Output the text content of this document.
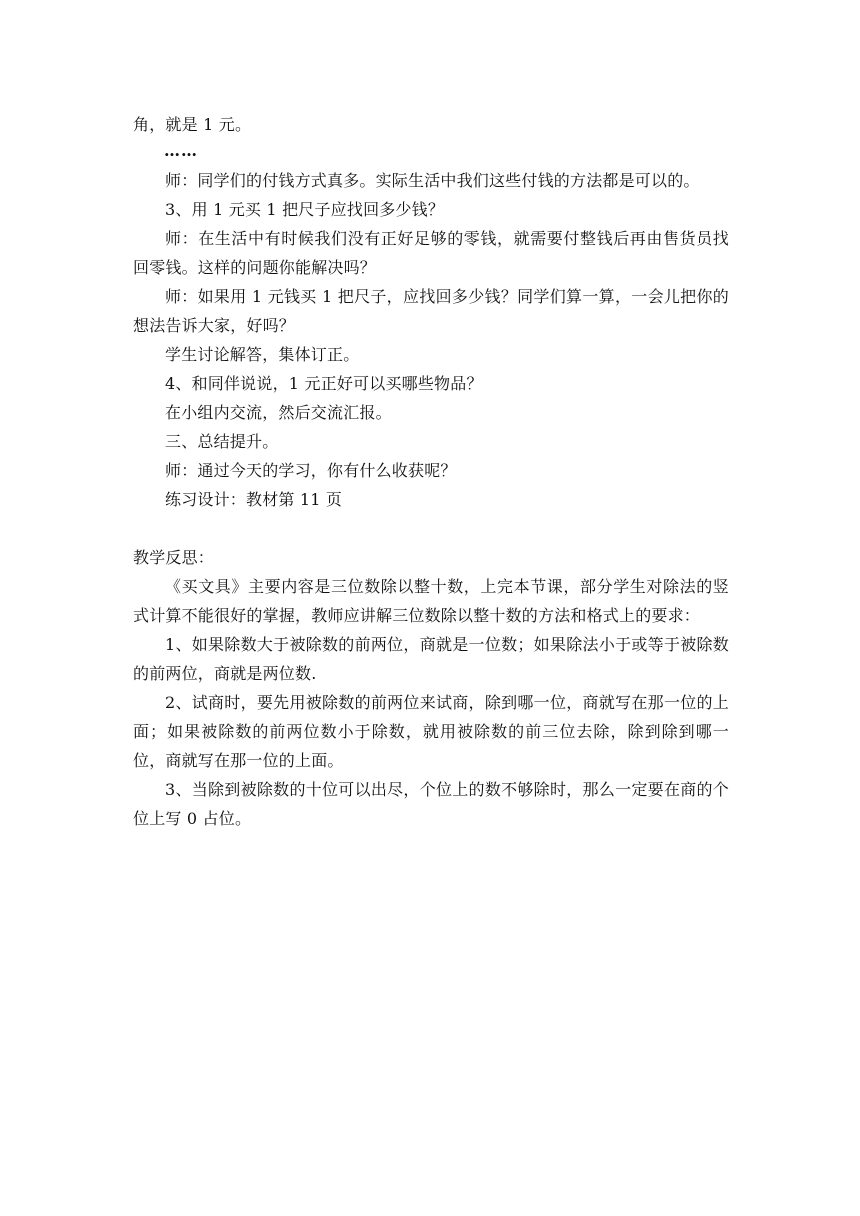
角，就是 1 元。

……

师：同学们的付钱方式真多。实际生活中我们这些付钱的方法都是可以的。

3、用 1 元买 1 把尺子应找回多少钱？

师：在生活中有时候我们没有正好足够的零钱，就需要付整钱后再由售货员找回零钱。这样的问题你能解决吗？

师：如果用 1 元钱买 1 把尺子，应找回多少钱？同学们算一算，一会儿把你的想法告诉大家，好吗？

学生讨论解答，集体订正。

4、和同伴说说，1 元正好可以买哪些物品？

在小组内交流，然后交流汇报。

三、总结提升。

师：通过今天的学习，你有什么收获呢？

练习设计：教材第 11 页

教学反思：

《买文具》主要内容是三位数除以整十数，上完本节课，部分学生对除法的竖式计算不能很好的掌握，教师应讲解三位数除以整十数的方法和格式上的要求：

1、如果除数大于被除数的前两位，商就是一位数；如果除法小于或等于被除数的前两位，商就是两位数.

2、试商时，要先用被除数的前两位来试商，除到哪一位，商就写在那一位的上面；如果被除数的前两位数小于除数，就用被除数的前三位去除，除到除到哪一位，商就写在那一位的上面。

3、当除到被除数的十位可以出尽，个位上的数不够除时，那么一定要在商的个位上写 0 占位。
